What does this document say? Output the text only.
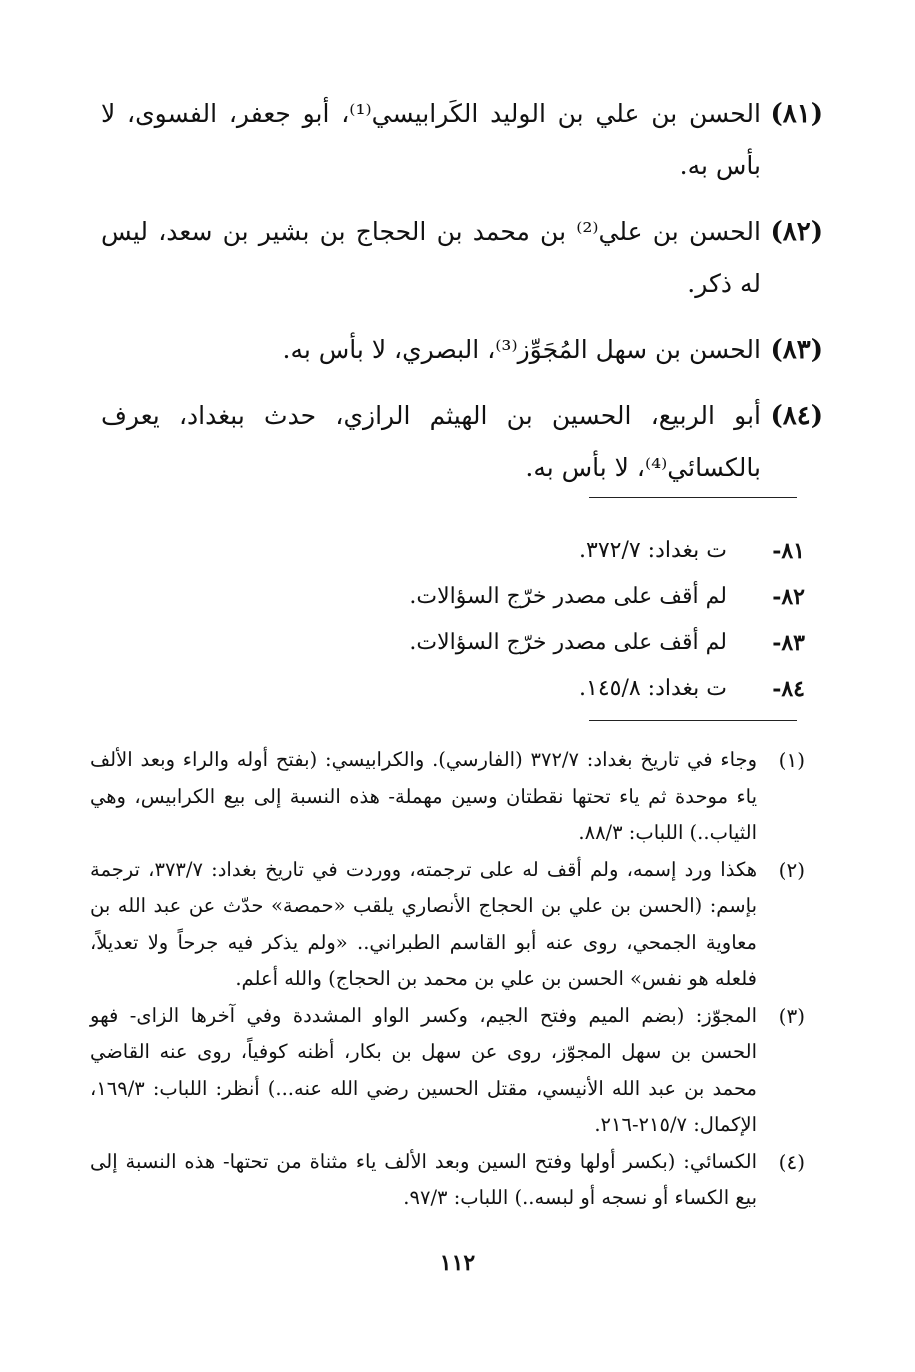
(٨١)
الحسن بن علي بن الوليد الكَرابيسي⁽¹⁾، أبو جعفر، الفسوى، لا بأس به.
(٨٢)
الحسن بن علي⁽²⁾ بن محمد بن الحجاج بن بشير بن سعد، ليس له ذكر.
(٨٣)
الحسن بن سهل المُجَوِّز⁽³⁾، البصري، لا بأس به.
(٨٤)
أبو الربيع، الحسين بن الهيثم الرازي، حدث ببغداد، يعرف بالكسائي⁽⁴⁾، لا بأس به.
٨١-
ت بغداد: ٣٧٢/٧.
٨٢-
لم أقف على مصدر خرّج السؤالات.
٨٣-
لم أقف على مصدر خرّج السؤالات.
٨٤-
ت بغداد: ١٤٥/٨.
(١)
وجاء في تاريخ بغداد: ٣٧٢/٧ (الفارسي). والكرابيسي: (بفتح أوله والراء وبعد الألف ياء موحدة ثم ياء تحتها نقطتان وسين مهملة- هذه النسبة إلى بيع الكرابيس، وهي الثياب..) اللباب: ٨٨/٣.
(٢)
هكذا ورد إسمه، ولم أقف له على ترجمته، ووردت في تاريخ بغداد: ٣٧٣/٧، ترجمة بإسم: (الحسن بن علي بن الحجاج الأنصاري يلقب «حمصة» حدّث عن عبد الله بن معاوية الجمحي، روى عنه أبو القاسم الطبراني.. «ولم يذكر فيه جرحاً ولا تعديلاً، فلعله هو نفس» الحسن بن علي بن محمد بن الحجاج) والله أعلم.
(٣)
المجوّز: (بضم الميم وفتح الجيم، وكسر الواو المشددة وفي آخرها الزاى- فهو الحسن بن سهل المجوّز، روى عن سهل بن بكار، أظنه كوفياً، روى عنه القاضي محمد بن عبد الله الأنيسي، مقتل الحسين رضي الله عنه...) أنظر: اللباب: ١٦٩/٣، الإكمال: ٢١٥/٧-٢١٦.
(٤)
الكسائي: (بكسر أولها وفتح السين وبعد الألف ياء مثناة من تحتها- هذه النسبة إلى بيع الكساء أو نسجه أو لبسه..) اللباب: ٩٧/٣.
١١٢
